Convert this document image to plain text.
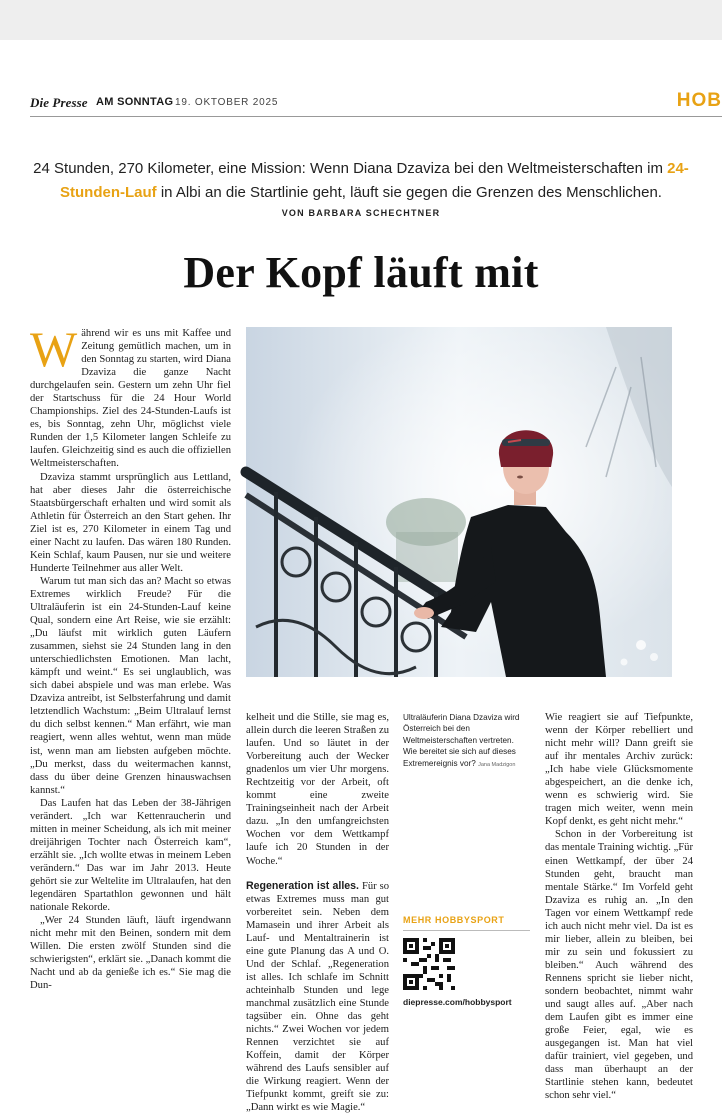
Die Presse AM SONNTAG 19. OKTOBER 2025	HOB
24 Stunden, 270 Kilometer, eine Mission: Wenn Diana Dzaviza bei den Weltmeisterschaften im 24-Stunden-Lauf in Albi an die Startlinie geht, läuft sie gegen die Grenzen des Menschlichen.
VON BARBARA SCHECHTNER
Der Kopf läuft mit

Während wir es uns mit Kaffee und Zeitung gemütlich machen, um in den Sonntag zu starten, wird Diana Dzaviza die ganze Nacht durchgelaufen sein. Gestern um zehn Uhr fiel der Startschuss für die 24 Hour World Championships. Ziel des 24-Stunden-Laufs ist es, bis Sonntag, zehn Uhr, möglichst viele Runden der 1,5 Kilometer langen Schleife zu laufen. Gleichzeitig sind es auch die offiziellen Weltmeisterschaften.

Dzaviza stammt ursprünglich aus Lettland, hat aber dieses Jahr die österreichische Staatsbürgerschaft erhalten und wird somit als Athletin für Österreich an den Start gehen. Ihr Ziel ist es, 270 Kilometer in einem Tag und einer Nacht zu laufen. Das wären 180 Runden. Kein Schlaf, kaum Pausen, nur sie und weitere Hunderte Teilnehmer aus aller Welt.

Warum tut man sich das an? Macht so etwas Extremes wirklich Freude? Für die Ultraläuferin ist ein 24-Stunden-Lauf keine Qual, sondern eine Art Reise, wie sie erzählt: „Du läufst mit wirklich guten Läufern zusammen, siehst sie 24 Stunden lang in den unterschiedlichsten Emotionen. Man lacht, kämpft und weint.“ Es sei unglaublich, was sich dabei abspiele und was man erlebe. Was Dzaviza antreibt, ist Selbsterfahrung und damit letztendlich Wachstum: „Beim Ultralauf lernst du dich selbst kennen.“ Man erfährt, wie man reagiert, wenn alles wehtut, wenn man müde ist, wenn man am liebsten aufgeben möchte. „Du merkst, dass du weitermachen kannst, dass du über deine Grenzen hinauswachsen kannst.“

Das Laufen hat das Leben der 38-Jährigen verändert. „Ich war Kettenraucherin und mitten in meiner Scheidung, als ich mit meiner dreijährigen Tochter nach Österreich kam“, erzählt sie. „Ich wollte etwas in meinem Leben verändern.“ Das war im Jahr 2013. Heute gehört sie zur Weltelite im Ultralaufen, hat den legendären Spartathlon gewonnen und hält nationale Rekorde.

„Wer 24 Stunden läuft, läuft irgendwann nicht mehr mit den Beinen, sondern mit dem Willen. Die ersten zwölf Stunden sind die schwierigsten“, erklärt sie. „Danach kommt die Nacht und ab da genieße ich es.“ Sie mag die Dun-

kelheit und die Stille, sie mag es, allein durch die leeren Straßen zu laufen. Und so läutet in der Vorbereitung auch der Wecker gnadenlos um vier Uhr morgens. Rechtzeitig vor der Arbeit, oft kommt eine zweite Trainingseinheit nach der Arbeit dazu. „In den umfangreichsten Wochen vor dem Wettkampf laufe ich 20 Stunden in der Woche.“

Regeneration ist alles. Für so etwas Extremes muss man gut vorbereitet sein. Neben dem Mamasein und ihrer Arbeit als Lauf- und Mentaltrainerin ist eine gute Planung das A und O. Und der Schlaf. „Regeneration ist alles. Ich schlafe im Schnitt achteinhalb Stunden und lege manchmal zusätzlich eine Stunde tagsüber ein. Ohne das geht nichts.“ Zwei Wochen vor jedem Rennen verzichtet sie auf Koffein, damit der Körper während des Laufs sensibler auf die Wirkung reagiert. Wenn der Tiefpunkt kommt, greift sie zu: „Dann wirkt es wie Magie.“

Ultraläuferin Diana Dzaviza wird Österreich bei den Weltmeisterschaften vertreten. Wie bereitet sie sich auf dieses Extremereignis vor? Jana Madzigon
MEHR HOBBYSPORT
diepresse.com/hobbysport

Wie reagiert sie auf Tiefpunkte, wenn der Körper rebelliert und nicht mehr will? Dann greift sie auf ihr mentales Archiv zurück: „Ich habe viele Glücksmomente abgespeichert, an die denke ich, wenn es schwierig wird. Sie tragen mich weiter, wenn mein Kopf denkt, es geht nicht mehr.“

Schon in der Vorbereitung ist das mentale Training wichtig. „Für einen Wettkampf, der über 24 Stunden geht, braucht man mentale Stärke.“ Im Vorfeld geht Dzaviza es ruhig an. „In den Tagen vor einem Wettkampf rede ich auch nicht mehr viel. Da ist es mir lieber, allein zu bleiben, bei mir zu sein und fokussiert zu bleiben.“ Auch während des Rennens spricht sie lieber nicht, sondern beobachtet, nimmt wahr und saugt alles auf. „Aber nach dem Laufen gibt es immer eine große Feier, egal, wie es ausgegangen ist. Man hat viel dafür trainiert, viel gegeben, und dass man überhaupt an der Startlinie stehen kann, bedeutet schon sehr viel.“
